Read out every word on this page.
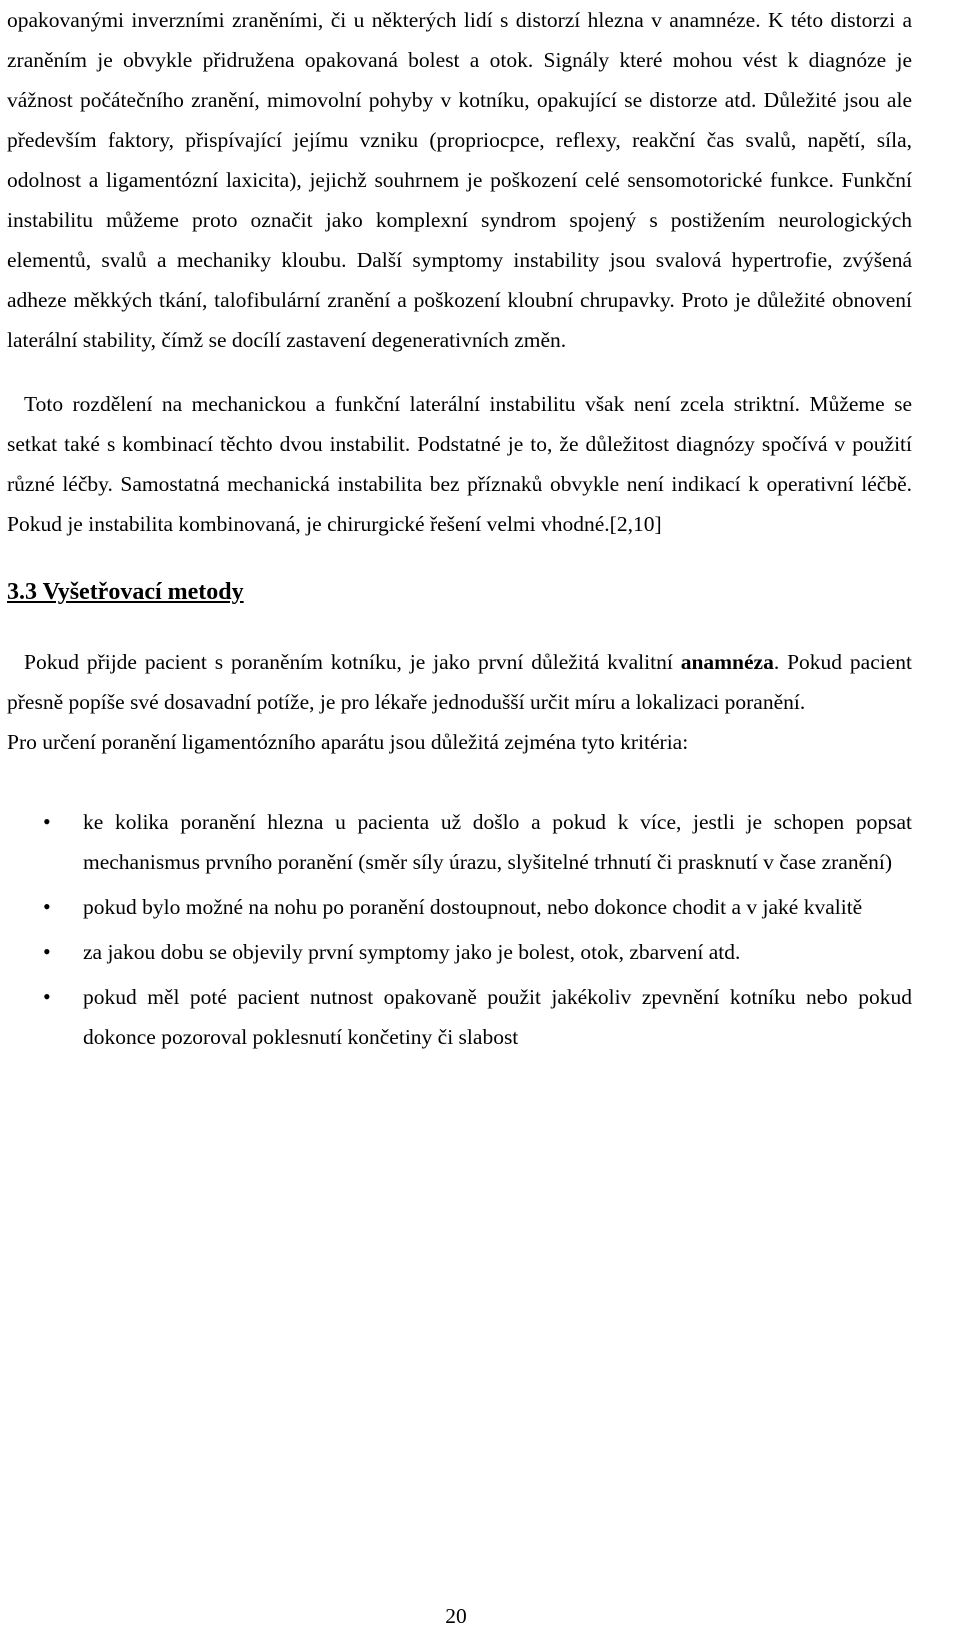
opakovanými inverzními zraněními, či u některých lidí s distorzí hlezna v anamnéze. K této distorzi a zraněním je obvykle přidružena opakovaná bolest a otok. Signály které mohou vést k diagnóze je vážnost počátečního zranění, mimovolní pohyby v kotníku, opakující se distorze atd. Důležité jsou ale především faktory, přispívající jejímu vzniku (propriocpce, reflexy, reakční čas svalů, napětí, síla, odolnost a ligamentózní laxicita), jejichž souhrnem je poškození celé sensomotorické funkce. Funkční instabilitu můžeme proto označit jako komplexní syndrom spojený s postižením neurologických elementů, svalů a mechaniky kloubu. Další symptomy instability jsou svalová hypertrofie, zvýšená adheze měkkých tkání, talofibulární zranění a poškození kloubní chrupavky. Proto je důležité obnovení laterální stability, čímž se docílí zastavení degenerativních změn.

Toto rozdělení na mechanickou a funkční laterální instabilitu však není zcela striktní. Můžeme se setkat také s kombinací těchto dvou instabilit. Podstatné je to, že důležitost diagnózy spočívá v použití různé léčby. Samostatná mechanická instabilita bez příznaků obvykle není indikací k operativní léčbě. Pokud je instabilita kombinovaná, je chirurgické řešení velmi vhodné.[2,10]

3.3 Vyšetřovací metody

Pokud přijde pacient s poraněním kotníku, je jako první důležitá kvalitní anamnéza. Pokud pacient přesně popíše své dosavadní potíže, je pro lékaře jednodušší určit míru a lokalizaci poranění.

Pro určení poranění ligamentózního aparátu jsou důležitá zejména tyto kritéria:

• ke kolika poranění hlezna u pacienta už došlo a pokud k více, jestli je schopen popsat mechanismus prvního poranění (směr síly úrazu, slyšitelné trhnutí či prasknutí v čase zranění)
• pokud bylo možné na nohu po poranění dostoupnout, nebo dokonce chodit a v jaké kvalitě
• za jakou dobu se objevily první symptomy jako je bolest, otok, zbarvení atd.
• pokud měl poté pacient nutnost opakovaně použit jakékoliv zpevnění kotníku nebo pokud dokonce pozoroval poklesnutí končetiny či slabost
20
